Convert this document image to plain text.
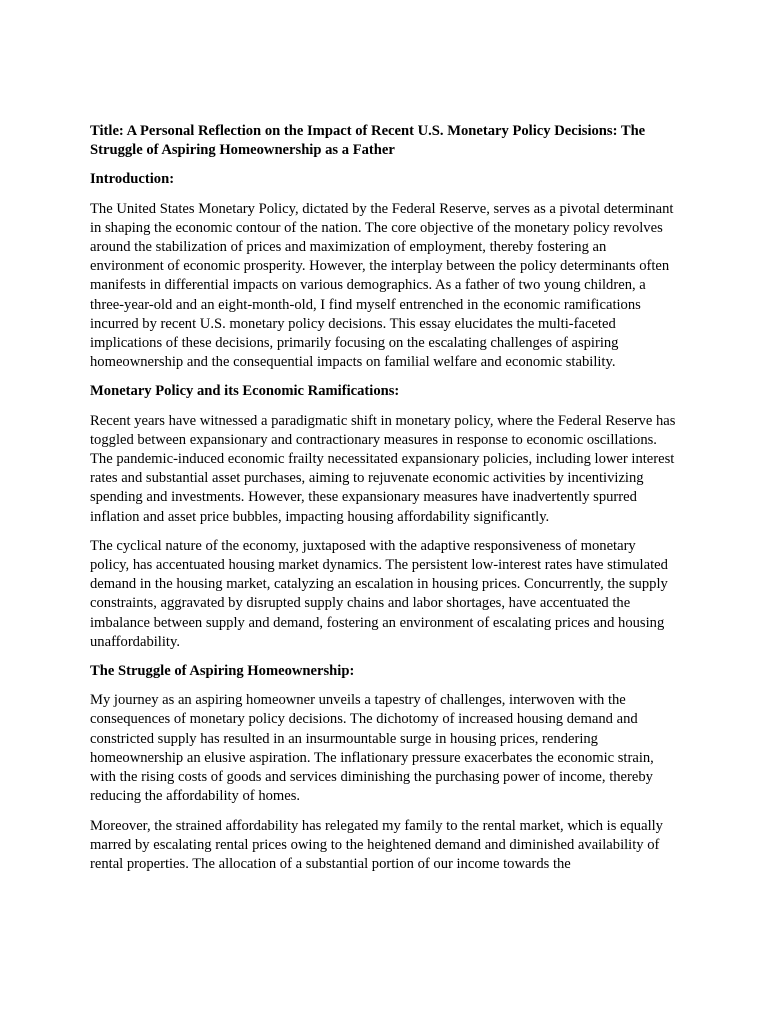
Title: A Personal Reflection on the Impact of Recent U.S. Monetary Policy Decisions: The Struggle of Aspiring Homeownership as a Father

Introduction:

The United States Monetary Policy, dictated by the Federal Reserve, serves as a pivotal determinant in shaping the economic contour of the nation. The core objective of the monetary policy revolves around the stabilization of prices and maximization of employment, thereby fostering an environment of economic prosperity. However, the interplay between the policy determinants often manifests in differential impacts on various demographics. As a father of two young children, a three-year-old and an eight-month-old, I find myself entrenched in the economic ramifications incurred by recent U.S. monetary policy decisions. This essay elucidates the multi-faceted implications of these decisions, primarily focusing on the escalating challenges of aspiring homeownership and the consequential impacts on familial welfare and economic stability.

Monetary Policy and its Economic Ramifications:

Recent years have witnessed a paradigmatic shift in monetary policy, where the Federal Reserve has toggled between expansionary and contractionary measures in response to economic oscillations. The pandemic-induced economic frailty necessitated expansionary policies, including lower interest rates and substantial asset purchases, aiming to rejuvenate economic activities by incentivizing spending and investments. However, these expansionary measures have inadvertently spurred inflation and asset price bubbles, impacting housing affordability significantly.

The cyclical nature of the economy, juxtaposed with the adaptive responsiveness of monetary policy, has accentuated housing market dynamics. The persistent low-interest rates have stimulated demand in the housing market, catalyzing an escalation in housing prices. Concurrently, the supply constraints, aggravated by disrupted supply chains and labor shortages, have accentuated the imbalance between supply and demand, fostering an environment of escalating prices and housing unaffordability.

The Struggle of Aspiring Homeownership:

My journey as an aspiring homeowner unveils a tapestry of challenges, interwoven with the consequences of monetary policy decisions. The dichotomy of increased housing demand and constricted supply has resulted in an insurmountable surge in housing prices, rendering homeownership an elusive aspiration. The inflationary pressure exacerbates the economic strain, with the rising costs of goods and services diminishing the purchasing power of income, thereby reducing the affordability of homes.

Moreover, the strained affordability has relegated my family to the rental market, which is equally marred by escalating rental prices owing to the heightened demand and diminished availability of rental properties. The allocation of a substantial portion of our income towards the
